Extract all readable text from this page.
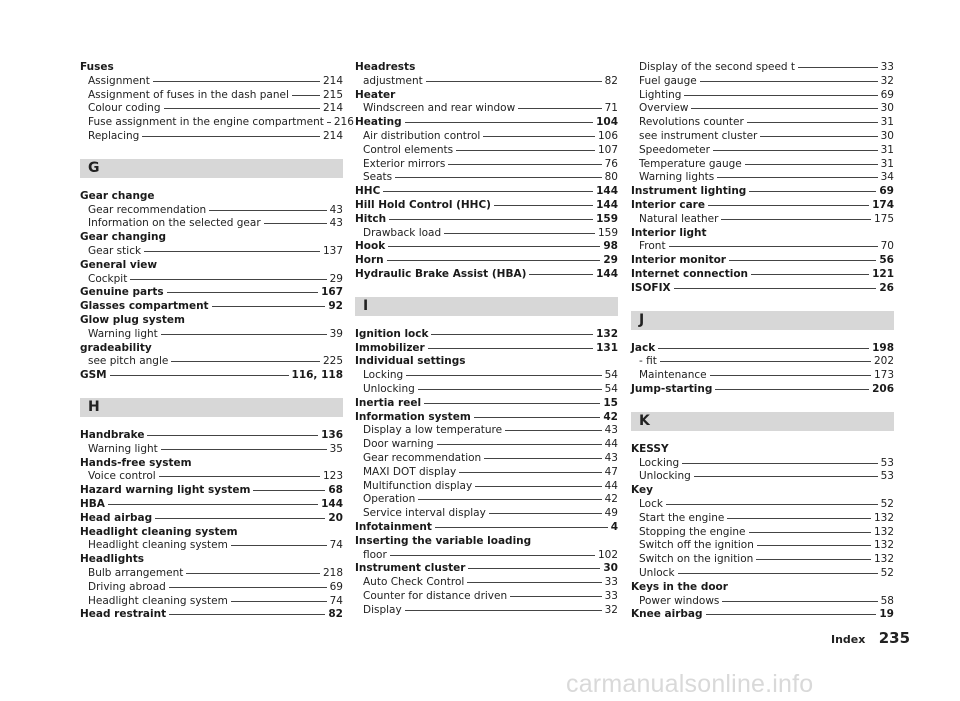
Fuses
Assignment	214
Assignment of fuses in the dash panel	215
Colour coding	214
Fuse assignment in the engine compartment 216
Replacing	214
G
Gear change
Gear recommendation	43
Information on the selected gear	43
Gear changing
Gear stick	137
General view
Cockpit	29
Genuine parts	167
Glasses compartment	92
Glow plug system
Warning light	39
gradeability
see pitch angle	225
GSM	116, 118
H
Handbrake	136
Warning light	35
Hands-free system
Voice control	123
Hazard warning light system	68
HBA	144
Head airbag	20
Headlight cleaning system
Headlight cleaning system	74
Headlights
Bulb arrangement	218
Driving abroad	69
Headlight cleaning system	74
Head restraint	82
Headrests
adjustment	82
Heater
Windscreen and rear window	71
Heating	104
Air distribution control	106
Control elements	107
Exterior mirrors	76
Seats	80
HHC	144
Hill Hold Control (HHC)	144
Hitch	159
Drawback load	159
Hook	98
Horn	29
Hydraulic Brake Assist (HBA)	144
I
Ignition lock	132
Immobilizer	131
Individual settings
Locking	54
Unlocking	54
Inertia reel	15
Information system	42
Display a low temperature	43
Door warning	44
Gear recommendation	43
MAXI DOT display	47
Multifunction display	44
Operation	42
Service interval display	49
Infotainment	4
Inserting the variable loading
floor	102
Instrument cluster	30
Auto Check Control	33
Counter for distance driven	33
Display	32
Display of the second speed t	33
Fuel gauge	32
Lighting	69
Overview	30
Revolutions counter	31
see instrument cluster	30
Speedometer	31
Temperature gauge	31
Warning lights	34
Instrument lighting	69
Interior care	174
Natural leather	175
Interior light
Front	70
Interior monitor	56
Internet connection	121
ISOFIX	26
J
Jack	198
- fit	202
Maintenance	173
Jump-starting	206
K
KESSY
Locking	53
Unlocking	53
Key
Lock	52
Start the engine	132
Stopping the engine	132
Switch off the ignition	132
Switch on the ignition	132
Unlock	52
Keys in the door
Power windows	58
Knee airbag	19
Index 235
carmanualsonline.info
